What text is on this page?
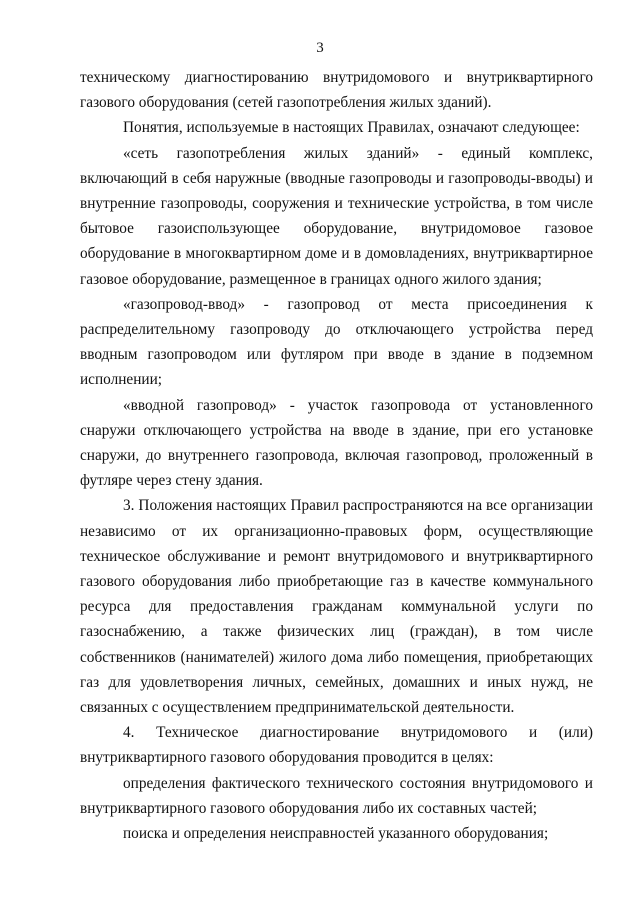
3

техническому диагностированию внутридомового и внутриквартирного газового оборудования (сетей газопотребления жилых зданий).

Понятия, используемые в настоящих Правилах, означают следующее:

«сеть газопотребления жилых зданий» - единый комплекс, включающий в себя наружные (вводные газопроводы и газопроводы-вводы) и внутренние газопроводы, сооружения и технические устройства, в том числе бытовое газоиспользующее оборудование, внутридомовое газовое оборудование в многоквартирном доме и в домовладениях, внутриквартирное газовое оборудование, размещенное в границах одного жилого здания;

«газопровод-ввод» - газопровод от места присоединения к распределительному газопроводу до отключающего устройства перед вводным газопроводом или футляром при вводе в здание в подземном исполнении;

«вводной газопровод» - участок газопровода от установленного снаружи отключающего устройства на вводе в здание, при его установке снаружи, до внутреннего газопровода, включая газопровод, проложенный в футляре через стену здания.

3. Положения настоящих Правил распространяются на все организации независимо от их организационно-правовых форм, осуществляющие техническое обслуживание и ремонт внутридомового и внутриквартирного газового оборудования либо приобретающие газ в качестве коммунального ресурса для предоставления гражданам коммунальной услуги по газоснабжению, а также физических лиц (граждан), в том числе собственников (нанимателей) жилого дома либо помещения, приобретающих газ для удовлетворения личных, семейных, домашних и иных нужд, не связанных с осуществлением предпринимательской деятельности.

4. Техническое диагностирование внутридомового и (или) внутриквартирного газового оборудования проводится в целях:

определения фактического технического состояния внутридомового и внутриквартирного газового оборудования либо их составных частей;

поиска и определения неисправностей указанного оборудования;
